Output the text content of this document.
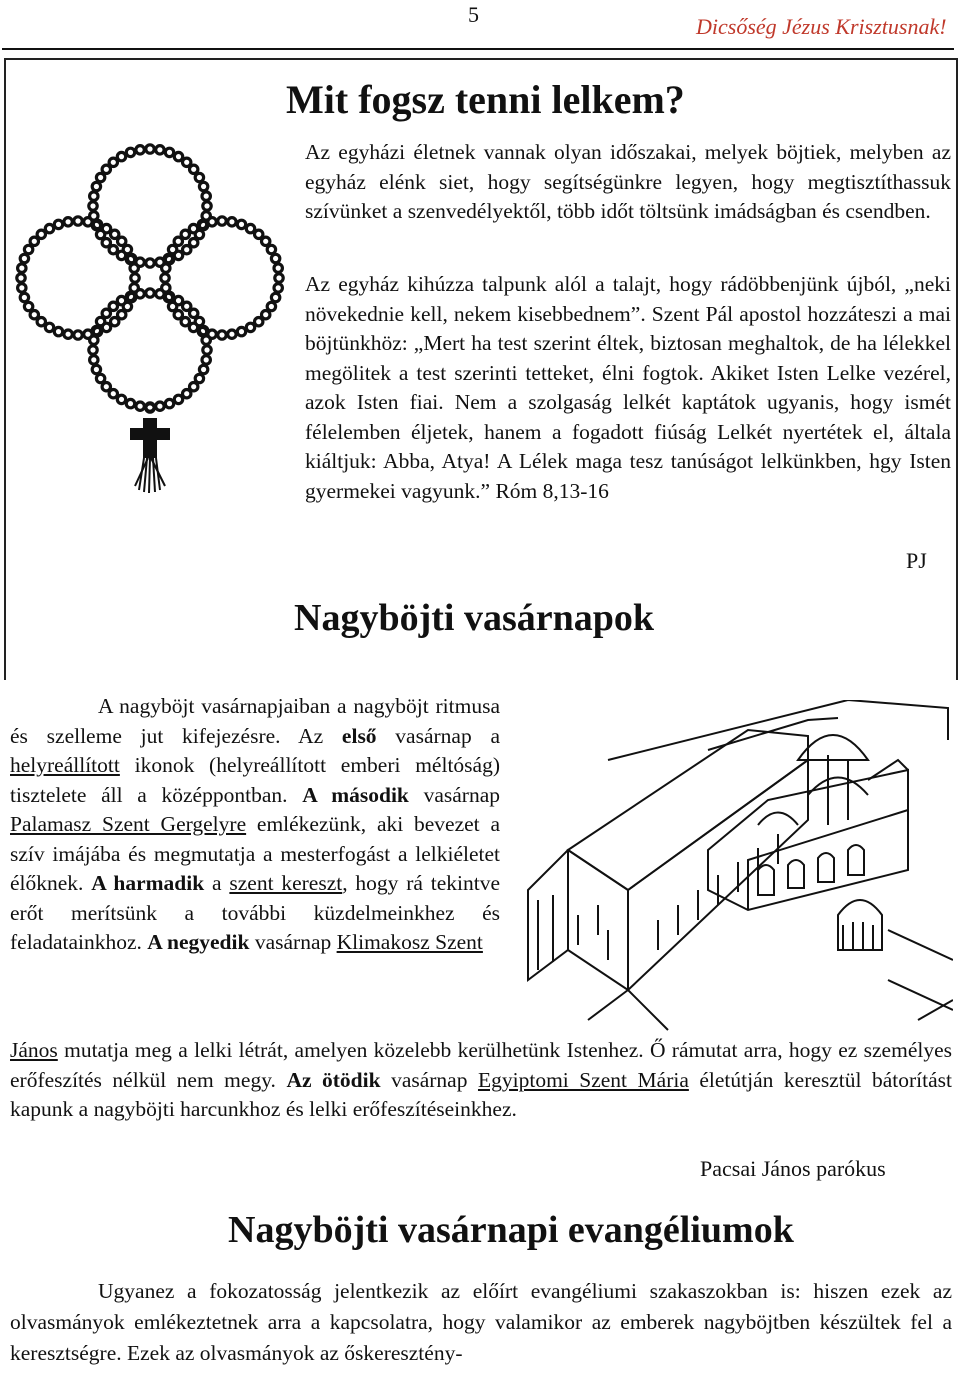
5	Dicsőség Jézus Krisztusnak!
Mit fogsz tenni lelkem?

Az egyházi életnek vannak olyan időszakai, melyek böjtiek, melyben az egyház elénk siet, hogy segítségünkre legyen, hogy megtisztíthassuk szívünket a szenvedélyektől, több időt töltsünk imádságban és csendben.

Az egyház kihúzza talpunk alól a talajt, hogy rádöbbenjünk újból, „neki növekednie kell, nekem kisebbednem”. Szent Pál apostol hozzáteszi a mai böjtünkhöz: „Mert ha test szerint éltek, biztosan meghaltok, de ha lélekkel megölitek a test szerinti tetteket, élni fogtok. Akiket Isten Lelke vezérel, azok Isten fiai. Nem a szolgaság lelkét kaptátok ugyanis, hogy ismét félelemben éljetek, hanem a fogadott fiúság Lelkét nyertétek el, általa kiáltjuk: Abba, Atya! A Lélek maga tesz tanúságot lelkünkben, hgy Isten gyermekei vagyunk.” Róm 8,13-16

PJ
Nagyböjti vasárnapok

A nagyböjt vasárnapjaiban a nagyböjt ritmusa és szelleme jut kifejezésre. Az első vasárnap a helyreállított ikonok (helyreállított emberi méltóság) tisztelete áll a középpontban. A második vasárnap Palamasz Szent Gergelyre emlékezünk, aki bevezet a szív imájába és megmutatja a mesterfogást a lelkiéletet élőknek. A harmadik a szent kereszt, hogy rá tekintve erőt merítsünk a további küzdelmeinkhez és feladatainkhoz. A negyedik vasárnap Klimakosz Szent

János mutatja meg a lelki létrát, amelyen közelebb kerülhetünk Istenhez. Ő rámutat arra, hogy ez személyes erőfeszítés nélkül nem megy. Az ötödik vasárnap Egyiptomi Szent Mária életútján keresztül bátorítást kapunk a nagyböjti harcunkhoz és lelki erőfeszítéseinkhez.

Pacsai János parókus
Nagyböjti vasárnapi evangéliumok

Ugyanez a fokozatosság jelentkezik az előírt evangéliumi szakaszokban is: hiszen ezek az olvasmányok emlékeztetnek arra a kapcsolatra, hogy valamikor az emberek nagyböjtben készültek fel a keresztségre. Ezek az olvasmányok az őskeresztény-
